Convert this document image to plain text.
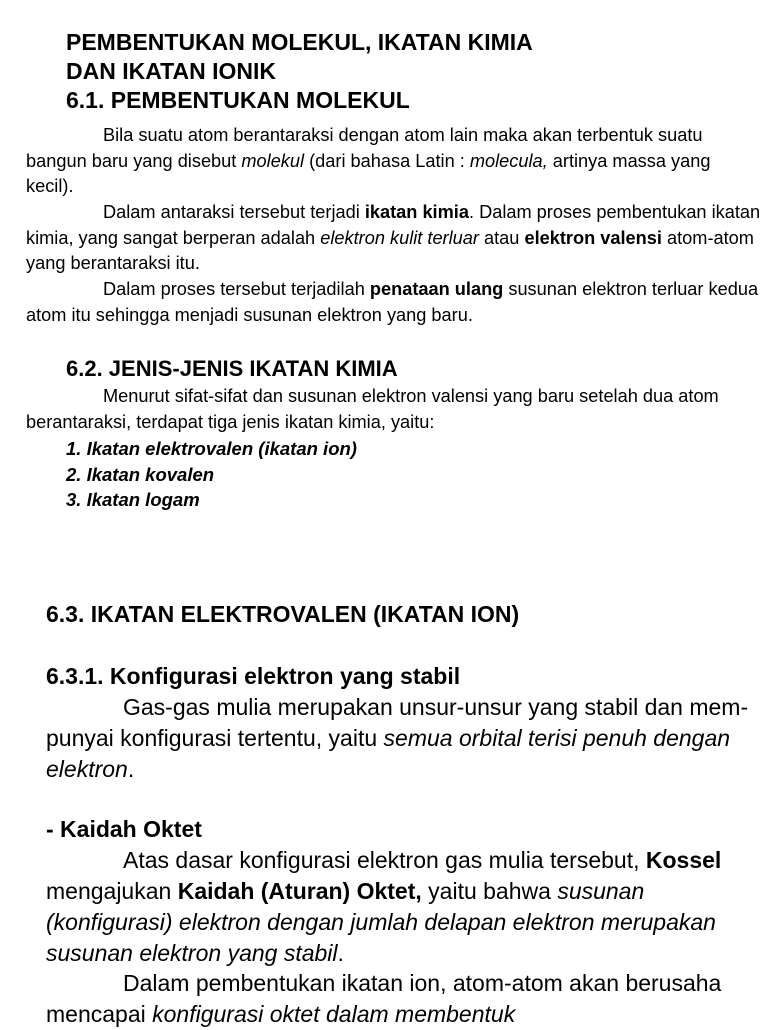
PEMBENTUKAN MOLEKUL, IKATAN KIMIA
DAN IKATAN IONIK
6.1. PEMBENTUKAN MOLEKUL

Bila suatu atom berantaraksi dengan atom lain maka akan terbentuk suatu bangun baru yang disebut molekul (dari bahasa Latin : molecula, artinya massa yang kecil).

Dalam antaraksi tersebut terjadi ikatan kimia. Dalam proses pembentukan ikatan kimia, yang sangat berperan adalah elektron kulit terluar atau elektron valensi atom-atom yang berantaraksi itu.

Dalam proses tersebut terjadilah penataan ulang susunan elektron terluar kedua atom itu sehingga menjadi susunan elektron yang baru.

6.2. JENIS-JENIS IKATAN KIMIA

Menurut sifat-sifat dan susunan elektron valensi yang baru setelah dua atom berantaraksi, terdapat tiga jenis ikatan kimia, yaitu:

1. Ikatan elektrovalen (ikatan ion)
2. Ikatan kovalen
3. Ikatan logam
6.3. IKATAN ELEKTROVALEN (IKATAN ION)
6.3.1. Konfigurasi elektron yang stabil

Gas-gas mulia merupakan unsur-unsur yang stabil dan mem-punyai konfigurasi tertentu, yaitu semua orbital terisi penuh dengan elektron.

- Kaidah Oktet

Atas dasar konfigurasi elektron gas mulia tersebut, Kossel mengajukan Kaidah (Aturan) Oktet, yaitu bahwa susunan (konfigurasi) elektron dengan jumlah delapan elektron merupakan susunan elektron yang stabil.

Dalam pembentukan ikatan ion, atom-atom akan berusaha mencapai konfigurasi oktet dalam membentuk
